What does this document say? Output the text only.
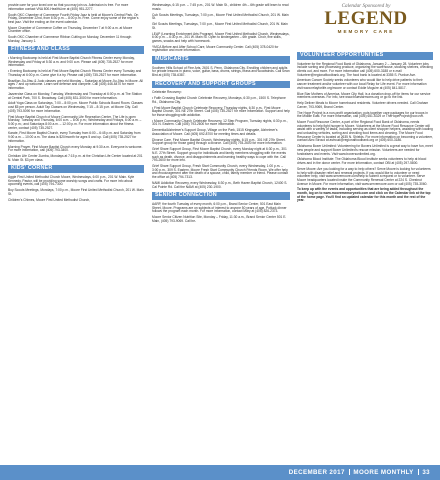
provide care for your loved one so that you may join us. Admission is free. For more information contact VNA 800-HealthLine at (405) 951-2277.

South OKC Chamber of Commerce Fourth Friday Jazz is held at Moore's Central Park. On Friday, December 22nd, from 6:30 p.m. – 8:00 p.m. Free. Come enjoy some of the region's best jazz. Visit the ending on the event calendar.

Moore Chamber of Commerce Coffee on Thursday, December 7 at 9:00 a.m. at Moore Chamber office.

South OKC Chamber of Commerce Ribbon Cutting on Monday, December 11 through Monday, January 1.

FITNESS AND CLASS

• Morning Bootcamp is held at First Moore Baptist Church Fitness Center every Monday, Wednesday and Friday at 5:30 a.m. and 9:00 a.m. Please call (405) 735-2527 for more information.

• Evening Bootcamp is held at First Moore Baptist Church Fitness Center every Tuesday and Thursday at 6:00 p.m. Come give it a try. Please call (405) 735-2527 for more information.

Brazilian Jiu-Jitsu & Judo classes are held Monday – Saturday at Moore Jiu Jitsu in Moore. All ages 7 and up welcome. Learn self defense and compete. Call (405) 446-6470 for more information.

Jazzercise Class on Monday, Tuesday, Wednesday and Thursday at 6:00 p.m. at The Station at Central Park, 700 S. Broadway. Call (405) 831-3000 for more information.

Adult Yoga Class on Saturdays, 7:00 – 8:00 p.m. Moore Public Schools Board Room. Classes cost $5 per person. Adult Tap Classes on Wednesday, 7:15 – 8:15 p.m. at Moore City. Call (405) 793-5090 for more information.

First Moore Baptist Church of Moore Community Life Recreation Center. The Life is open Monday, Tuesday and Thursday, 6:00 a.m. – 8:00 p.m.; Wednesday and Fridays, 6:00 a.m. – 5:00 p.m.; and Saturdays 8:00 a.m. – 12:00 p.m. For more information about the fitness center, contact (405) 735-2527.

Karate, First Moore Baptist Church, every Tuesday from 6:00 – 6:45 p.m. and Saturday from 9:00 a.m. – 10:00 a.m. The class is $20/month for ages 5 and up. Call (405) 735-2527 for information.

Morning Prayer, First Moore Baptist Church every Monday at 9:30 a.m. Everyone is welcome. For more information, call (405) 793-3400.

Christian Life Center Zumba, Mondays at 7:15 p.m. at the Christian Life Center located at 201 N. Main St. $3 per class.

KIDS' CORNER

Aggie First United Methodist Church Moore, Wednesdays, 6:00 p.m., 201 W. Main. Kyle Kennedy, Pastor, will be providing some worship songs and crafts. For more info about upcoming events, call (405) 794-7300.

Boy Scouts Meetings, Mondays, 7:00 p.m., Moore First United Methodist Church, 201 W. Main St.

Children's Chimes, Moore First United Methodist Church,

Wednesdays, 6:15 p.m. – 7:45 p.m., 201 W. Main St., children 4th – 6th grade will learn to read music.

Cub Scouts Meetings, Tuesdays, 7:00 p.m., Moore First United Methodist Church, 201 W. Main St.

Girl Scouts Meetings, Tuesdays, 7:00 p.m., Moore First United Methodist Church, 201 W. Main St.

LEAP (Learning Enrichment Arts Program), Moore First United Methodist Church, Wednesdays, 6:00 p.m. – 6:30 p.m., 201 W. Main St. Open to kindergarten – 6th grade. Choir, fine skills, games, snacks and help with homework.

YMCA Before and After School Care, Moore Community Center. Call (405) 378-0420 for registration and more information.

MUSICARTS

Southern Hills School of Fine Arts, 2601 S. Penn, Oklahoma City. Enrolling children and adults for private lessons in piano, voice, guitar, bass, drums, strings, brass and woodwinds. Call Sean Bird at (405) 735-6387.

RECOVERY AND SUPPORT GROUPS

Celebrate Recovery:

• Faith Crossing Baptist Church Celebrate Recovery, Mondays, 6:30 p.m., 1500 S. Telephone Rd., Oklahoma City.

• First Moore Baptist Church Celebrate Recovery, Thursday nights, 6:30 p.m., First Moore Baptist Church, 301 NE 27th Street. Call (405) 735-2527 for more information. Support and help for those struggling with addiction.

• Moore Community Church Celebrate Recovery, 12 Step Program, Tuesday nights, 6:30 p.m., 301 N. Eastern. Call (405) 793-2600 for more information.

Dementia/Alzheimer's Support Group, Village on the Park, 1515 Kingsgate, Alzheimer's Association of Moore. Call (405) 692-8700 for meeting times and details.

Divorce Care, First Moore Baptist Church, Wednesday nights, 6:15 p.m., 301 NE 27th Street. Support group for those going through a divorce. Call (405) 793-2600 for more information.

Grief Share Support Group, First Moore Baptist Church, every Monday night at 6:30 p.m., 301 N.E. 27th Street. Support group for individuals and family members struggling with the events such as death, divorce, and disappointments and learning healthy ways to cope with the. Call 793-2600 for more info.

Grief Share Support Group, Fresh Start Community Church, every Wednesday, 1:00 p.m. – 3:00 p.m., 309 S. Eastern. Moore Fresh Start Community Church Friends Room. We offer help and encouragement after the death of a spouse, child, family member or friend. Please contact the office at (405) 794-7313.

NAMI Addiction Recovery, every Wednesday, 6:30 p.m., Beth Haven Baptist Church, 12400 S. Cal Pointe Rd. Call the NAMI at (405) 230-1900.

SENIOR CONNECTION

AARP, the fourth Tuesday of every month, 6:00 p.m., Brand Senior Center, 501 East Main Street, Moore. Programs are on subjects of interest to anyone 50 years of age. Potluck dinner follows the program each month. For more information, contact Mary at (405) 826-2373.

Moore Senior Citizen Nutrition Site, Monday – Friday, 11:30 a.m., Brand Senior Center 501 E. Main, (405) 793-9069. Call be-

Calendar Sponsored by
LEGEND
MEMORY CARE
VOLUNTEER OPPORTUNITIES

Volunteer for the Regional Food Bank of Oklahoma, January 2 – January 28. Volunteer jobs include sorting and processing produce, organizing the warehouse, stocking shelves, checking clients out, and more. For more information call (405) 600-3188 or e-mail Volunteer@regionalfoodbank.org. The food bank is located at 3355 S. Purdue Ave.

American Cancer Society seeks volunteers who would like to help drive patients to their cancer treatment and/or volunteer with our local Relay for Life event. For more information visit www.relayforlife.org/moore or contact Eddie Mcguire at (405) 841-5817.

Blue Star Mothers of America, Moore City Hall, is a donation drop-off for items for our service members overseas. For info, see www.bluestarmoms.org or go to the link.

Help Deliver Meals to Moore homebound residents. Volunteer drivers needed. Call Graham Carver, 793-9069, Brand Center.

The Hope Project is a non-profit organization; puts together care packages for our troops in the Middle East. For more information, call (405) 651-6329 or TheHopeProject@cox.net.

Moore Food Resource Center, a part of the Regional Food Bank of Oklahoma, needs volunteers to help fight hunger in Moore. Volunteers at the Moore Food Resource Center will assist with a variety of tasks, including serving as client shopper helpers, assisting with loading and unloading vehicles, sorting and checking food items and cleaning. The Moore Food Resource Center is located at 2635 N. Shields. For more information on becoming a volunteer, contact Alec Stroud at astroud@regionalfoodbank.org or (405) 600-3186.

Oklahoma Boxer Unlimited: Volunteering for Boxers Unlimited is a great way to have fun, meet new people and support Boxer Unlimited's rescue mission. Volunteers are needed for fundraisers and events. Visit www.boxersunlimited.org.

Oklahoma Blood Institute: The Oklahoma Blood Institute seeks volunteers to help at blood drives and in the donor center. For more information, contact OBI at (405) 297-5800.

Serve Moore: Are you looking for a way to help others? Serve Moore is looking for volunteers to help with disaster relief and renewal projects. If you would like to volunteer or need volunteer help, visit www.servemoore.com/help to submit a request or to volunteer. Serve Moore headquarters located inside the Community Renewal Center at 224 S. Chestnut Avenue in Moore. For more information, visit www.servemoore.com or call (405) 735-3060.

To keep up with the events and opportunities that are being added throughout the month, log on to www.moorememoryweb.com and click on the Calendar link at the top of the home page. You'll find an updated calendar for this month and the rest of the year.

DECEMBER 2017 MOORE MONTHLY 33
